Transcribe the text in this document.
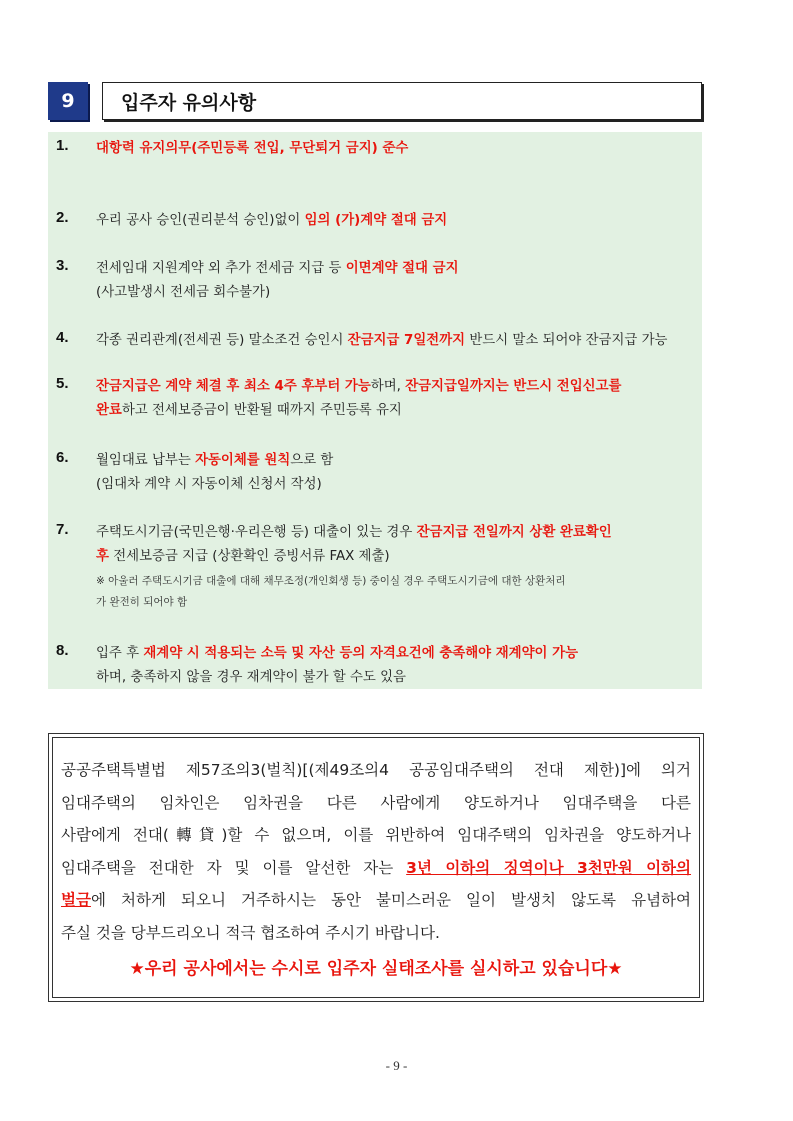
9	입주자 유의사항
1. 대항력 유지의무(주민등록 전입, 무단퇴거 금지) 준수
2. 우리 공사 승인(권리분석 승인)없이 임의 (가)계약 절대 금지
3. 전세임대 지원계약 외 추가 전세금 지급 등 이면계약 절대 금지
(사고발생시 전세금 회수불가)
4. 각종 권리관계(전세권 등) 말소조건 승인시 잔금지급 7일전까지 반드시 말소 되어야 잔금지급 가능
5. 잔금지급은 계약 체결 후 최소 4주 후부터 가능하며, 잔금지급일까지는 반드시 전입신고를
완료하고 전세보증금이 반환될 때까지 주민등록 유지
6. 월임대료 납부는 자동이체를 원칙으로 함
(임대차 계약 시 자동이체 신청서 작성)
7. 주택도시기금(국민은행·우리은행 등) 대출이 있는 경우 잔금지급 전일까지 상환 완료확인
후 전세보증금 지급 (상환확인 증빙서류 FAX 제출)
※ 아울러 주택도시기금 대출에 대해 채무조정(개인회생 등) 중이실 경우 주택도시기금에 대한 상환처리
가 완전히 되어야 함
8. 입주 후 재계약 시 적용되는 소득 및 자산 등의 자격요건에 충족해야 재계약이 가능
하며, 충족하지 않을 경우 재계약이 불가 할 수도 있음
공공주택특별법 제57조의3(벌칙)[(제49조의4 공공임대주택의 전대 제한)]에 의거
임대주택의 임차인은 임차권을 다른 사람에게 양도하거나 임대주택을 다른
사람에게 전대(轉貸)할 수 없으며, 이를 위반하여 임대주택의 임차권을 양도하거나
임대주택을 전대한 자 및 이를 알선한 자는 3년 이하의 징역이나 3천만원 이하의
벌금에 처하게 되오니 거주하시는 동안 불미스러운 일이 발생치 않도록 유념하여
주실 것을 당부드리오니 적극 협조하여 주시기 바랍니다.
★우리 공사에서는 수시로 입주자 실태조사를 실시하고 있습니다★
- 9 -
